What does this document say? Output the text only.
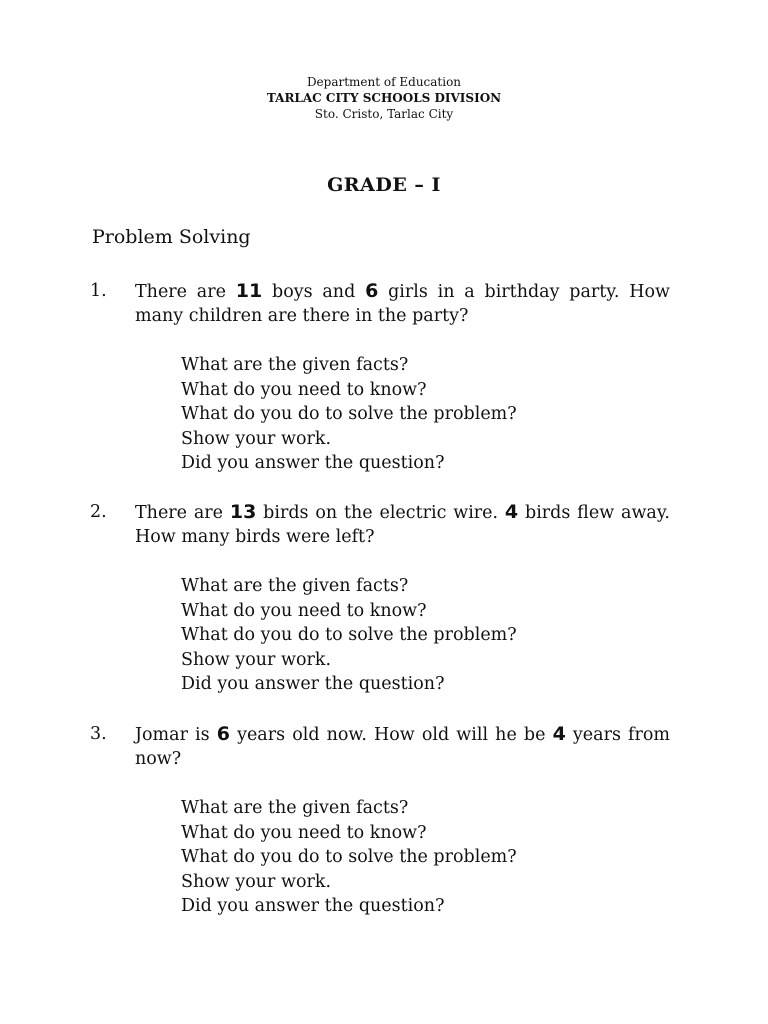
Department of Education
TARLAC CITY SCHOOLS DIVISION
Sto. Cristo, Tarlac City
GRADE – I
Problem Solving
1. There are 11 boys and 6 girls in a birthday party. How many children are there in the party?
What are the given facts?
What do you need to know?
What do you do to solve the problem?
Show your work.
Did you answer the question?
2. There are 13 birds on the electric wire. 4 birds flew away. How many birds were left?
What are the given facts?
What do you need to know?
What do you do to solve the problem?
Show your work.
Did you answer the question?
3. Jomar is 6 years old now. How old will he be 4 years from now?
What are the given facts?
What do you need to know?
What do you do to solve the problem?
Show your work.
Did you answer the question?
